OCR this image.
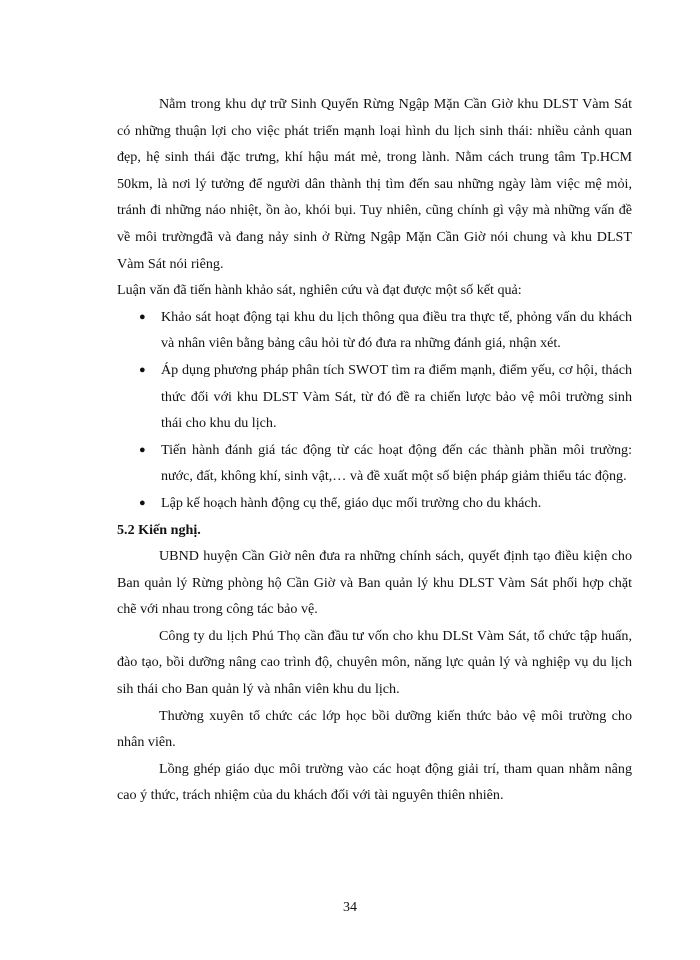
Nằm trong khu dự trữ Sinh Quyển Rừng Ngập Mặn Cần Giờ khu DLST Vàm Sát có những thuận lợi cho việc phát triển mạnh loại hình du lịch sinh thái: nhiều cảnh quan đẹp, hệ sinh thái đặc trưng, khí hậu mát mẻ, trong lành. Nằm cách trung tâm Tp.HCM 50km, là nơi lý tưởng để người dân thành thị tìm đến sau những ngày làm việc mệ mỏi, tránh đi những náo nhiệt, ồn ào, khói bụi. Tuy nhiên, cũng chính gì vậy mà những vấn đề về môi trườngđã và đang nảy sinh ở Rừng Ngập Mặn Cần Giờ nói chung và khu DLST Vàm Sát nói riêng.

Luận văn đã tiến hành khảo sát, nghiên cứu và đạt được một số kết quả:

● Khảo sát hoạt động tại khu du lịch thông qua điều tra thực tế, phỏng vấn du khách và nhân viên bằng bảng câu hỏi từ đó đưa ra những đánh giá, nhận xét.
● Áp dụng phương pháp phân tích SWOT tìm ra điểm mạnh, điểm yếu, cơ hội, thách thức đối với khu DLST Vàm Sát, từ đó đề ra chiến lược bảo vệ môi trường sinh thái cho khu du lịch.
● Tiến hành đánh giá tác động từ các hoạt động đến các thành phần môi trường: nước, đất, không khí, sinh vật,… và đề xuất một số biện pháp giảm thiểu tác động.
● Lập kế hoạch hành động cụ thể, giáo dục mối trường cho du khách.

5.2 Kiến nghị.

UBND huyện Cần Giờ nên đưa ra những chính sách, quyết định tạo điều kiện cho Ban quản lý Rừng phòng hộ Cần Giờ và Ban quản lý khu DLST Vàm Sát phối hợp chặt chẽ với nhau trong công tác bảo vệ.

Công ty du lịch Phú Thọ cần đầu tư vốn cho khu DLSt Vàm Sát, tổ chức tập huấn, đào tạo, bồi dưỡng nâng cao trình độ, chuyên môn, năng lực quản lý và nghiệp vụ du lịch sih thái cho Ban quản lý và nhân viên khu du lịch.

Thường xuyên tổ chức các lớp học bồi dưỡng kiến thức bảo vệ môi trường cho nhân viên.

Lồng ghép giáo dục môi trường vào các hoạt động giải trí, tham quan nhằm nâng cao ý thức, trách nhiệm của du khách đối với tài nguyên thiên nhiên.

34
